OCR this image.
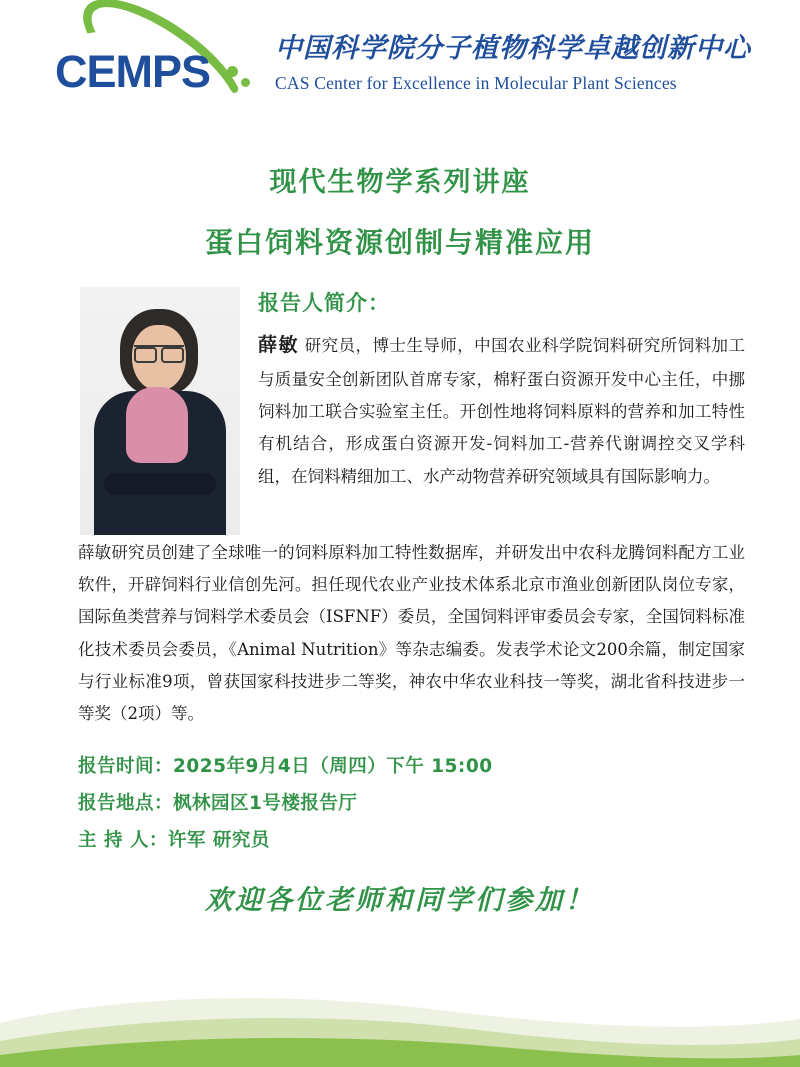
CEMPS 中国科学院分子植物科学卓越创新中心
CAS Center for Excellence in Molecular Plant Sciences
现代生物学系列讲座
蛋白饲料资源创制与精准应用
报告人简介：
薛敏 研究员，博士生导师，中国农业科学院饲料研究所饲料加工与质量安全创新团队首席专家，棉籽蛋白资源开发中心主任，中挪饲料加工联合实验室主任。开创性地将饲料原料的营养和加工特性有机结合，形成蛋白资源开发-饲料加工-营养代谢调控交叉学科组，在饲料精细加工、水产动物营养研究领域具有国际影响力。
薛敏研究员创建了全球唯一的饲料原料加工特性数据库，并研发出中农科龙腾饲料配方工业软件，开辟饲料行业信创先河。担任现代农业产业技术体系北京市渔业创新团队岗位专家，国际鱼类营养与饲料学术委员会（ISFNF）委员，全国饲料评审委员会专家，全国饲料标准化技术委员会委员，《Animal Nutrition》等杂志编委。发表学术论文200余篇，制定国家与行业标准9项，曾获国家科技进步二等奖，神农中华农业科技一等奖，湖北省科技进步一等奖（2项）等。
报告时间：2025年9月4日（周四）下午 15:00
报告地点：枫林园区1号楼报告厅
主 持 人：许军 研究员
欢迎各位老师和同学们参加！
